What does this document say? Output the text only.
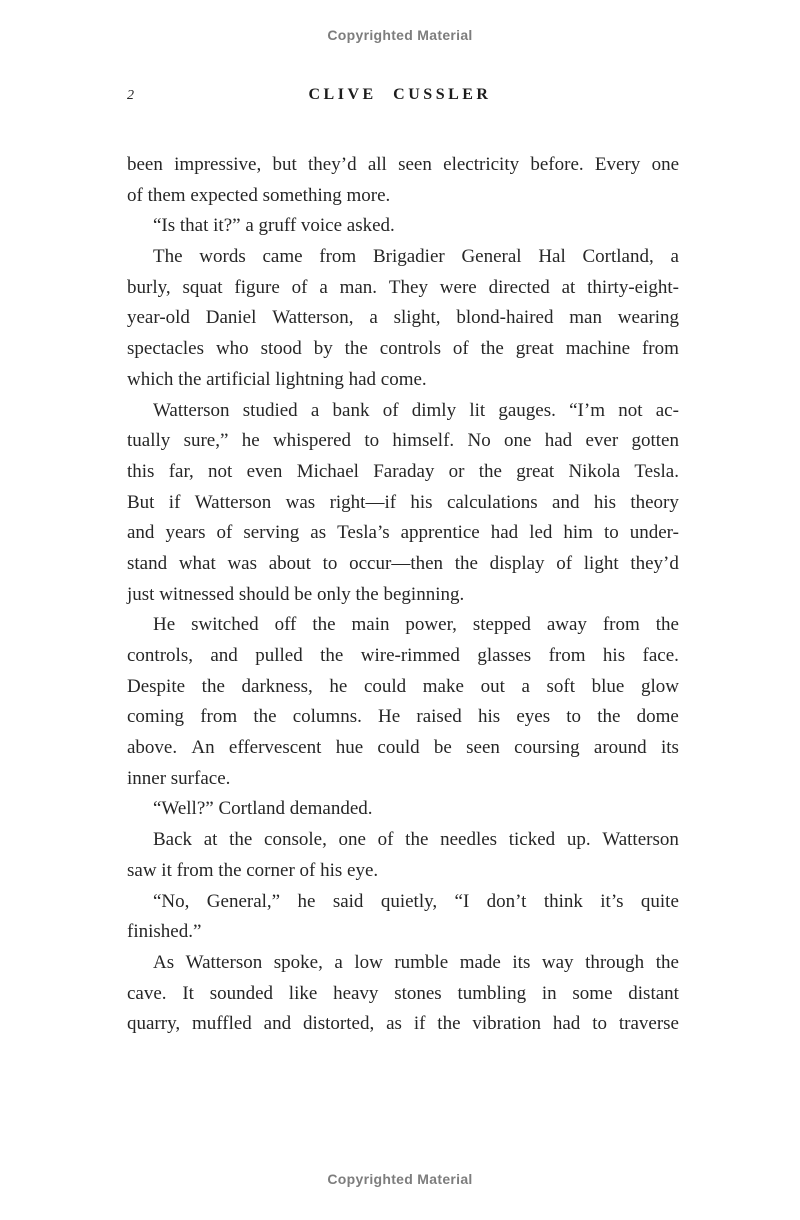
Copyrighted Material
2	CLIVE CUSSLER
been impressive, but they’d all seen electricity before. Every one
of them expected something more.
“Is that it?” a gruff voice asked.
The words came from Brigadier General Hal Cortland, a
burly, squat figure of a man. They were directed at thirty-eight-
year-old Daniel Watterson, a slight, blond-haired man wearing
spectacles who stood by the controls of the great machine from
which the artificial lightning had come.
Watterson studied a bank of dimly lit gauges. “I’m not ac-
tually sure,” he whispered to himself. No one had ever gotten
this far, not even Michael Faraday or the great Nikola Tesla.
But if Watterson was right—if his calculations and his theory
and years of serving as Tesla’s apprentice had led him to under-
stand what was about to occur—then the display of light they’d
just witnessed should be only the beginning.
He switched off the main power, stepped away from the
controls, and pulled the wire-rimmed glasses from his face.
Despite the darkness, he could make out a soft blue glow
coming from the columns. He raised his eyes to the dome
above. An effervescent hue could be seen coursing around its
inner surface.
“Well?” Cortland demanded.
Back at the console, one of the needles ticked up. Watterson
saw it from the corner of his eye.
“No, General,” he said quietly, “I don’t think it’s quite
finished.”
As Watterson spoke, a low rumble made its way through the
cave. It sounded like heavy stones tumbling in some distant
quarry, muffled and distorted, as if the vibration had to traverse
Copyrighted Material
